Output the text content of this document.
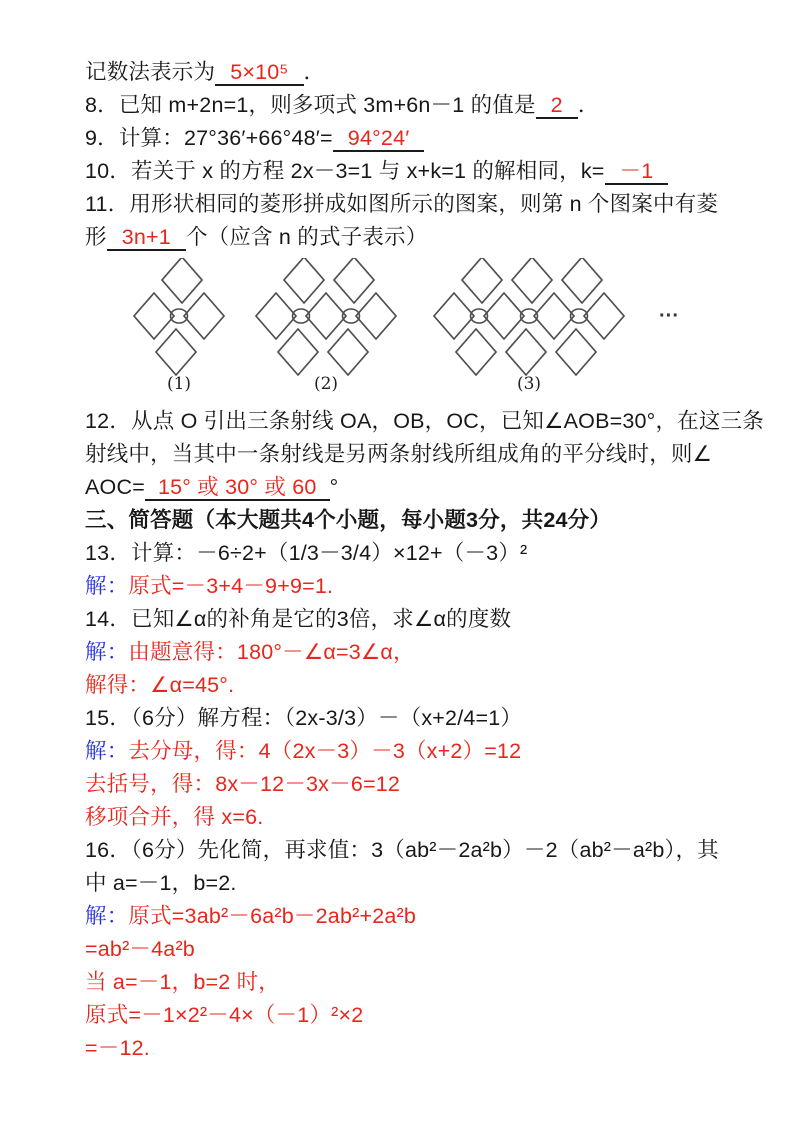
记数法表示为 5×10⁵ ．

8．已知 m+2n=1，则多项式 3m+6n－1 的值是 2 ．

9．计算：27°36′+66°48′= 94°24′

10．若关于 x 的方程 2x－3=1 与 x+k=1 的解相同，k= －1

11．用形状相同的菱形拼成如图所示的图案，则第 n 个图案中有菱

形 3n+1 个（应含 n 的式子表示）

(1)	(2)	(3)
···

12．从点 O 引出三条射线 OA，OB，OC，已知∠AOB=30°，在这三条

射线中，当其中一条射线是另两条射线所组成角的平分线时，则∠

AOC= 15° 或 30° 或 60 °

三、简答题（本大题共4个小题，每小题3分，共24分）

13．计算：－6÷2+（1/3－3/4）×12+（－3）²

解：原式=－3+4－9+9=1.

14．已知∠α的补角是它的3倍，求∠α的度数

解：由题意得：180°－∠α=3∠α，

解得：∠α=45°.

15．（6分）解方程：（2x-3/3）－（x+2/4=1）

解：去分母，得：4（2x－3）－3（x+2）=12

去括号，得：8x－12－3x－6=12

移项合并，得 x=6.

16．（6分）先化简，再求值：3（ab²－2a²b）－2（ab²－a²b），其

中 a=－1，b=2.

解：原式=3ab²－6a²b－2ab²+2a²b

=ab²－4a²b

当 a=－1，b=2 时，

原式=－1×2²－4×（－1）²×2

=－12.
